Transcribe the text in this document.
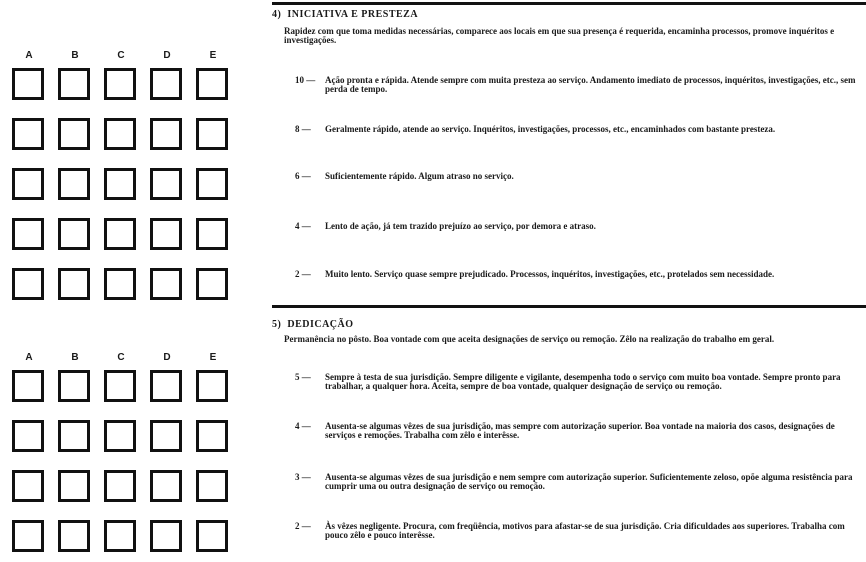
A	B	C	D	E
A	B	C	D	E
4) INICIATIVA E PRESTEZA
Rapidez com que toma medidas necessárias, comparece aos locais em que sua presença é requerida, encaminha processos, promove inquéritos e investigações.
10 —	Ação pronta e rápida. Atende sempre com muita presteza ao serviço. Andamento imediato de processos, inquéritos, investigações, etc., sem perda de tempo.
8 —	Geralmente rápido, atende ao serviço. Inquéritos, investigações, processos, etc., encaminhados com bastante presteza.
6 —	Suficientemente rápido. Algum atraso no serviço.
4 —	Lento de ação, já tem trazido prejuízo ao serviço, por demora e atraso.
2 —	Muito lento. Serviço quase sempre prejudicado. Processos, inquéritos, investigações, etc., protelados sem necessidade.
5) DEDICAÇÃO
Permanência no pôsto. Boa vontade com que aceita designações de serviço ou remoção. Zêlo na realização do trabalho em geral.
5 —	Sempre à testa de sua jurisdição. Sempre diligente e vigilante, desempenha todo o serviço com muito boa vontade. Sempre pronto para trabalhar, a qualquer hora. Aceita, sempre de boa vontade, qualquer designação de serviço ou remoção.
4 —	Ausenta-se algumas vêzes de sua jurisdição, mas sempre com autorização superior. Boa vontade na maioria dos casos, designações de serviços e remoções. Trabalha com zêlo e interêsse.
3 —	Ausenta-se algumas vêzes de sua jurisdição e nem sempre com autorização superior. Suficientemente zeloso, opõe alguma resistência para cumprir uma ou outra designação de serviço ou remoção.
2 —	Às vêzes negligente. Procura, com freqüência, motivos para afastar-se de sua jurisdição. Cria dificuldades aos superiores. Trabalha com pouco zêlo e pouco interêsse.
